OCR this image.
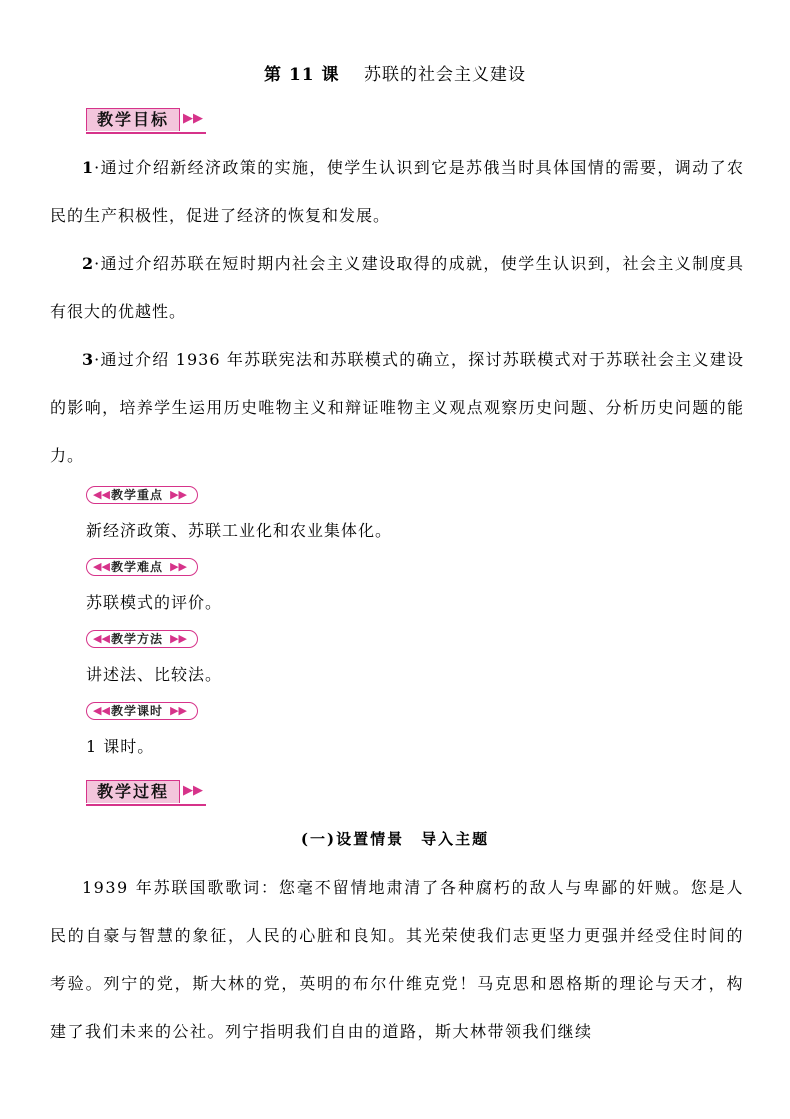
第 11 课　 苏联的社会主义建设
教学目标	▶▶
1·通过介绍新经济政策的实施，使学生认识到它是苏俄当时具体国情的需要，调动了农民的生产积极性，促进了经济的恢复和发展。
2·通过介绍苏联在短时期内社会主义建设取得的成就，使学生认识到，社会主义制度具有很大的优越性。
3·通过介绍 1936 年苏联宪法和苏联模式的确立，探讨苏联模式对于苏联社会主义建设的影响，培养学生运用历史唯物主义和辩证唯物主义观点观察历史问题、分析历史问题的能力。
◀◀ 教学重点 ▶▶
新经济政策、苏联工业化和农业集体化。
◀◀ 教学难点 ▶▶
苏联模式的评价。
◀◀ 教学方法 ▶▶
讲述法、比较法。
◀◀ 教学课时 ▶▶
1 课时。
教学过程	▶▶
(一)设置情景　导入主题
1939 年苏联国歌歌词：您毫不留情地肃清了各种腐朽的敌人与卑鄙的奸贼。您是人民的自豪与智慧的象征，人民的心脏和良知。其光荣使我们志更坚力更强并经受住时间的考验。列宁的党，斯大林的党，英明的布尔什维克党！马克思和恩格斯的理论与天才，构建了我们未来的公社。列宁指明我们自由的道路，斯大林带领我们继续
